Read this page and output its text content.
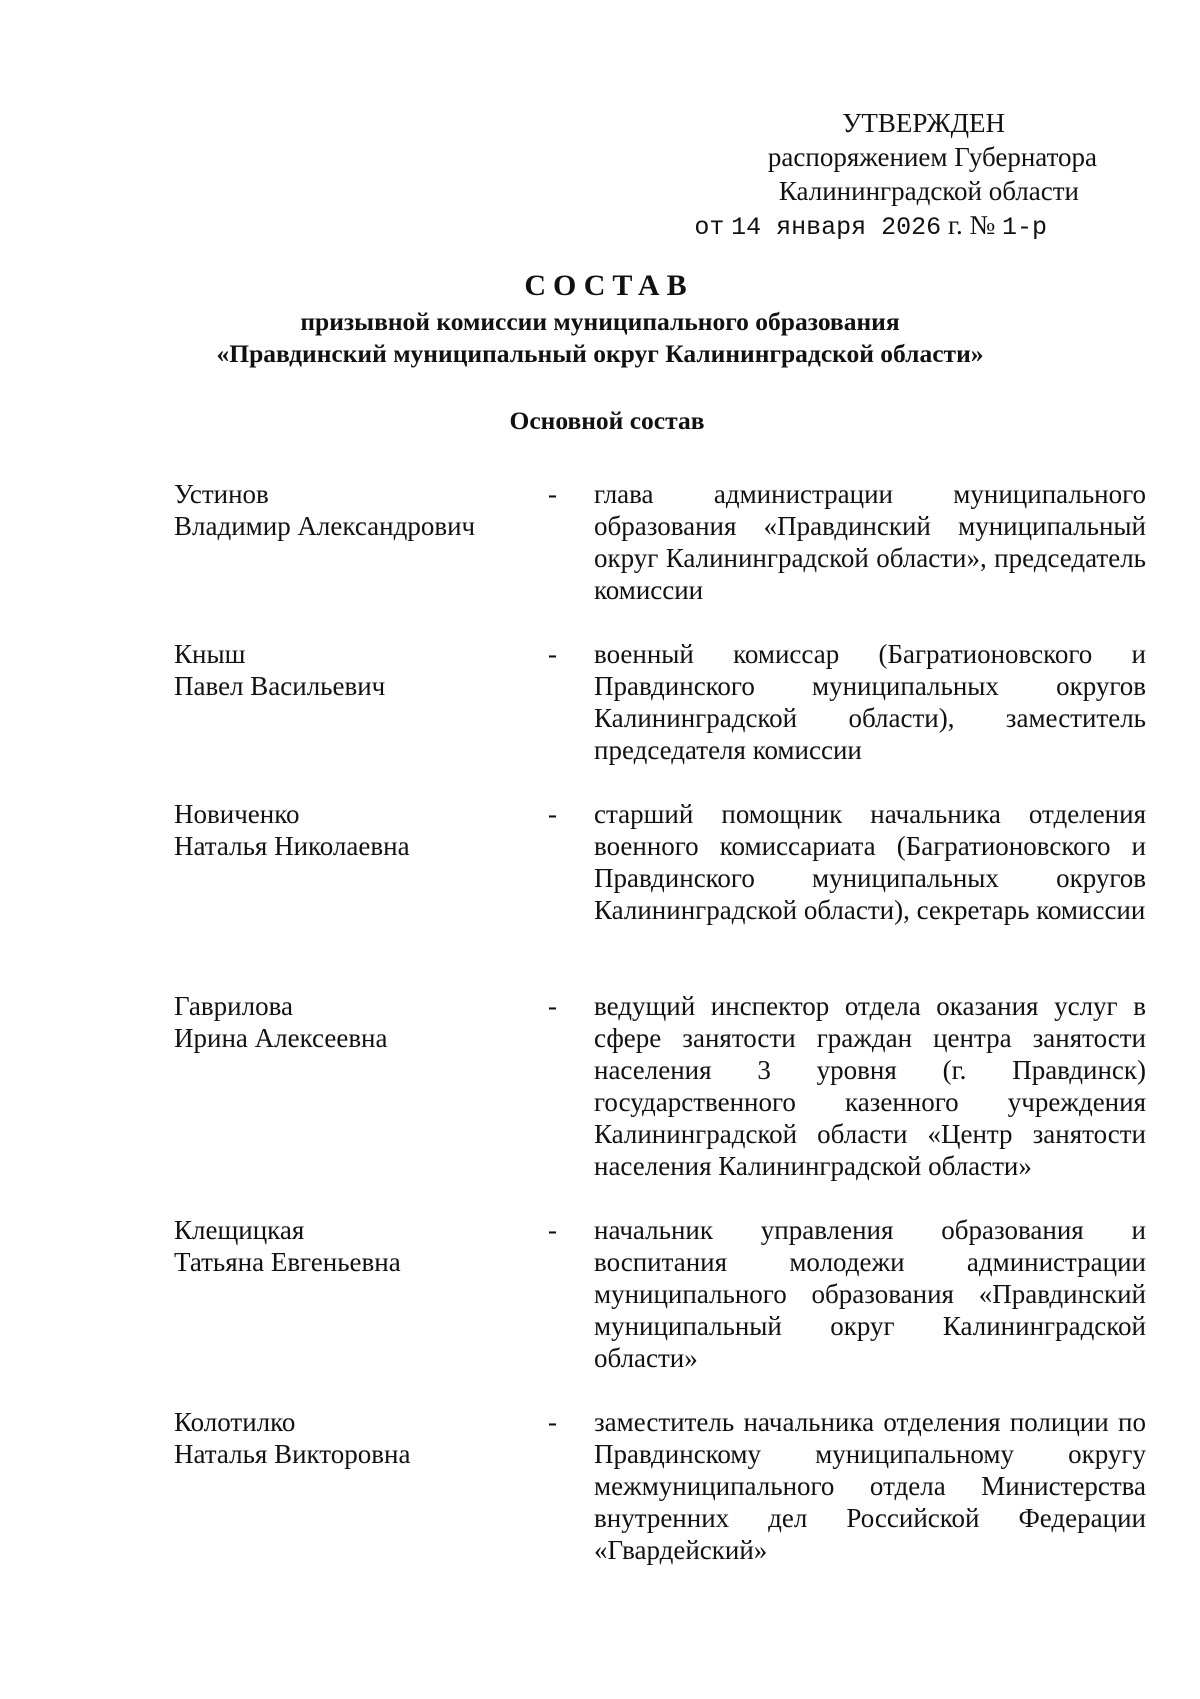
УТВЕРЖДЕН
распоряжением Губернатора
Калининградской области
от 14 января 2026 г. № 1-р
СОСТАВ
призывной комиссии муниципального образования
«Правдинский муниципальный округ Калининградской области»
Основной состав
Устинов
Владимир Александрович
- глава администрации муниципального образования «Правдинский муниципальный округ Калининградской области», председатель комиссии
Кныш
Павел Васильевич
- военный комиссар (Багратионовского и Правдинского муниципальных округов Калининградской области), заместитель председателя комиссии
Новиченко
Наталья Николаевна
- старший помощник начальника отделения военного комиссариата (Багратионовского и Правдинского муниципальных округов Калининградской области), секретарь комиссии
Гаврилова
Ирина Алексеевна
- ведущий инспектор отдела оказания услуг в сфере занятости граждан центра занятости населения 3 уровня (г. Правдинск) государственного казенного учреждения Калининградской области «Центр занятости населения Калининградской области»
Клещицкая
Татьяна Евгеньевна
- начальник управления образования и воспитания молодежи администрации муниципального образования «Правдинский муниципальный округ Калининградской области»
Колотилко
Наталья Викторовна
- заместитель начальника отделения полиции по Правдинскому муниципальному округу межмуниципального отдела Министерства внутренних дел Российской Федерации «Гвардейский»
